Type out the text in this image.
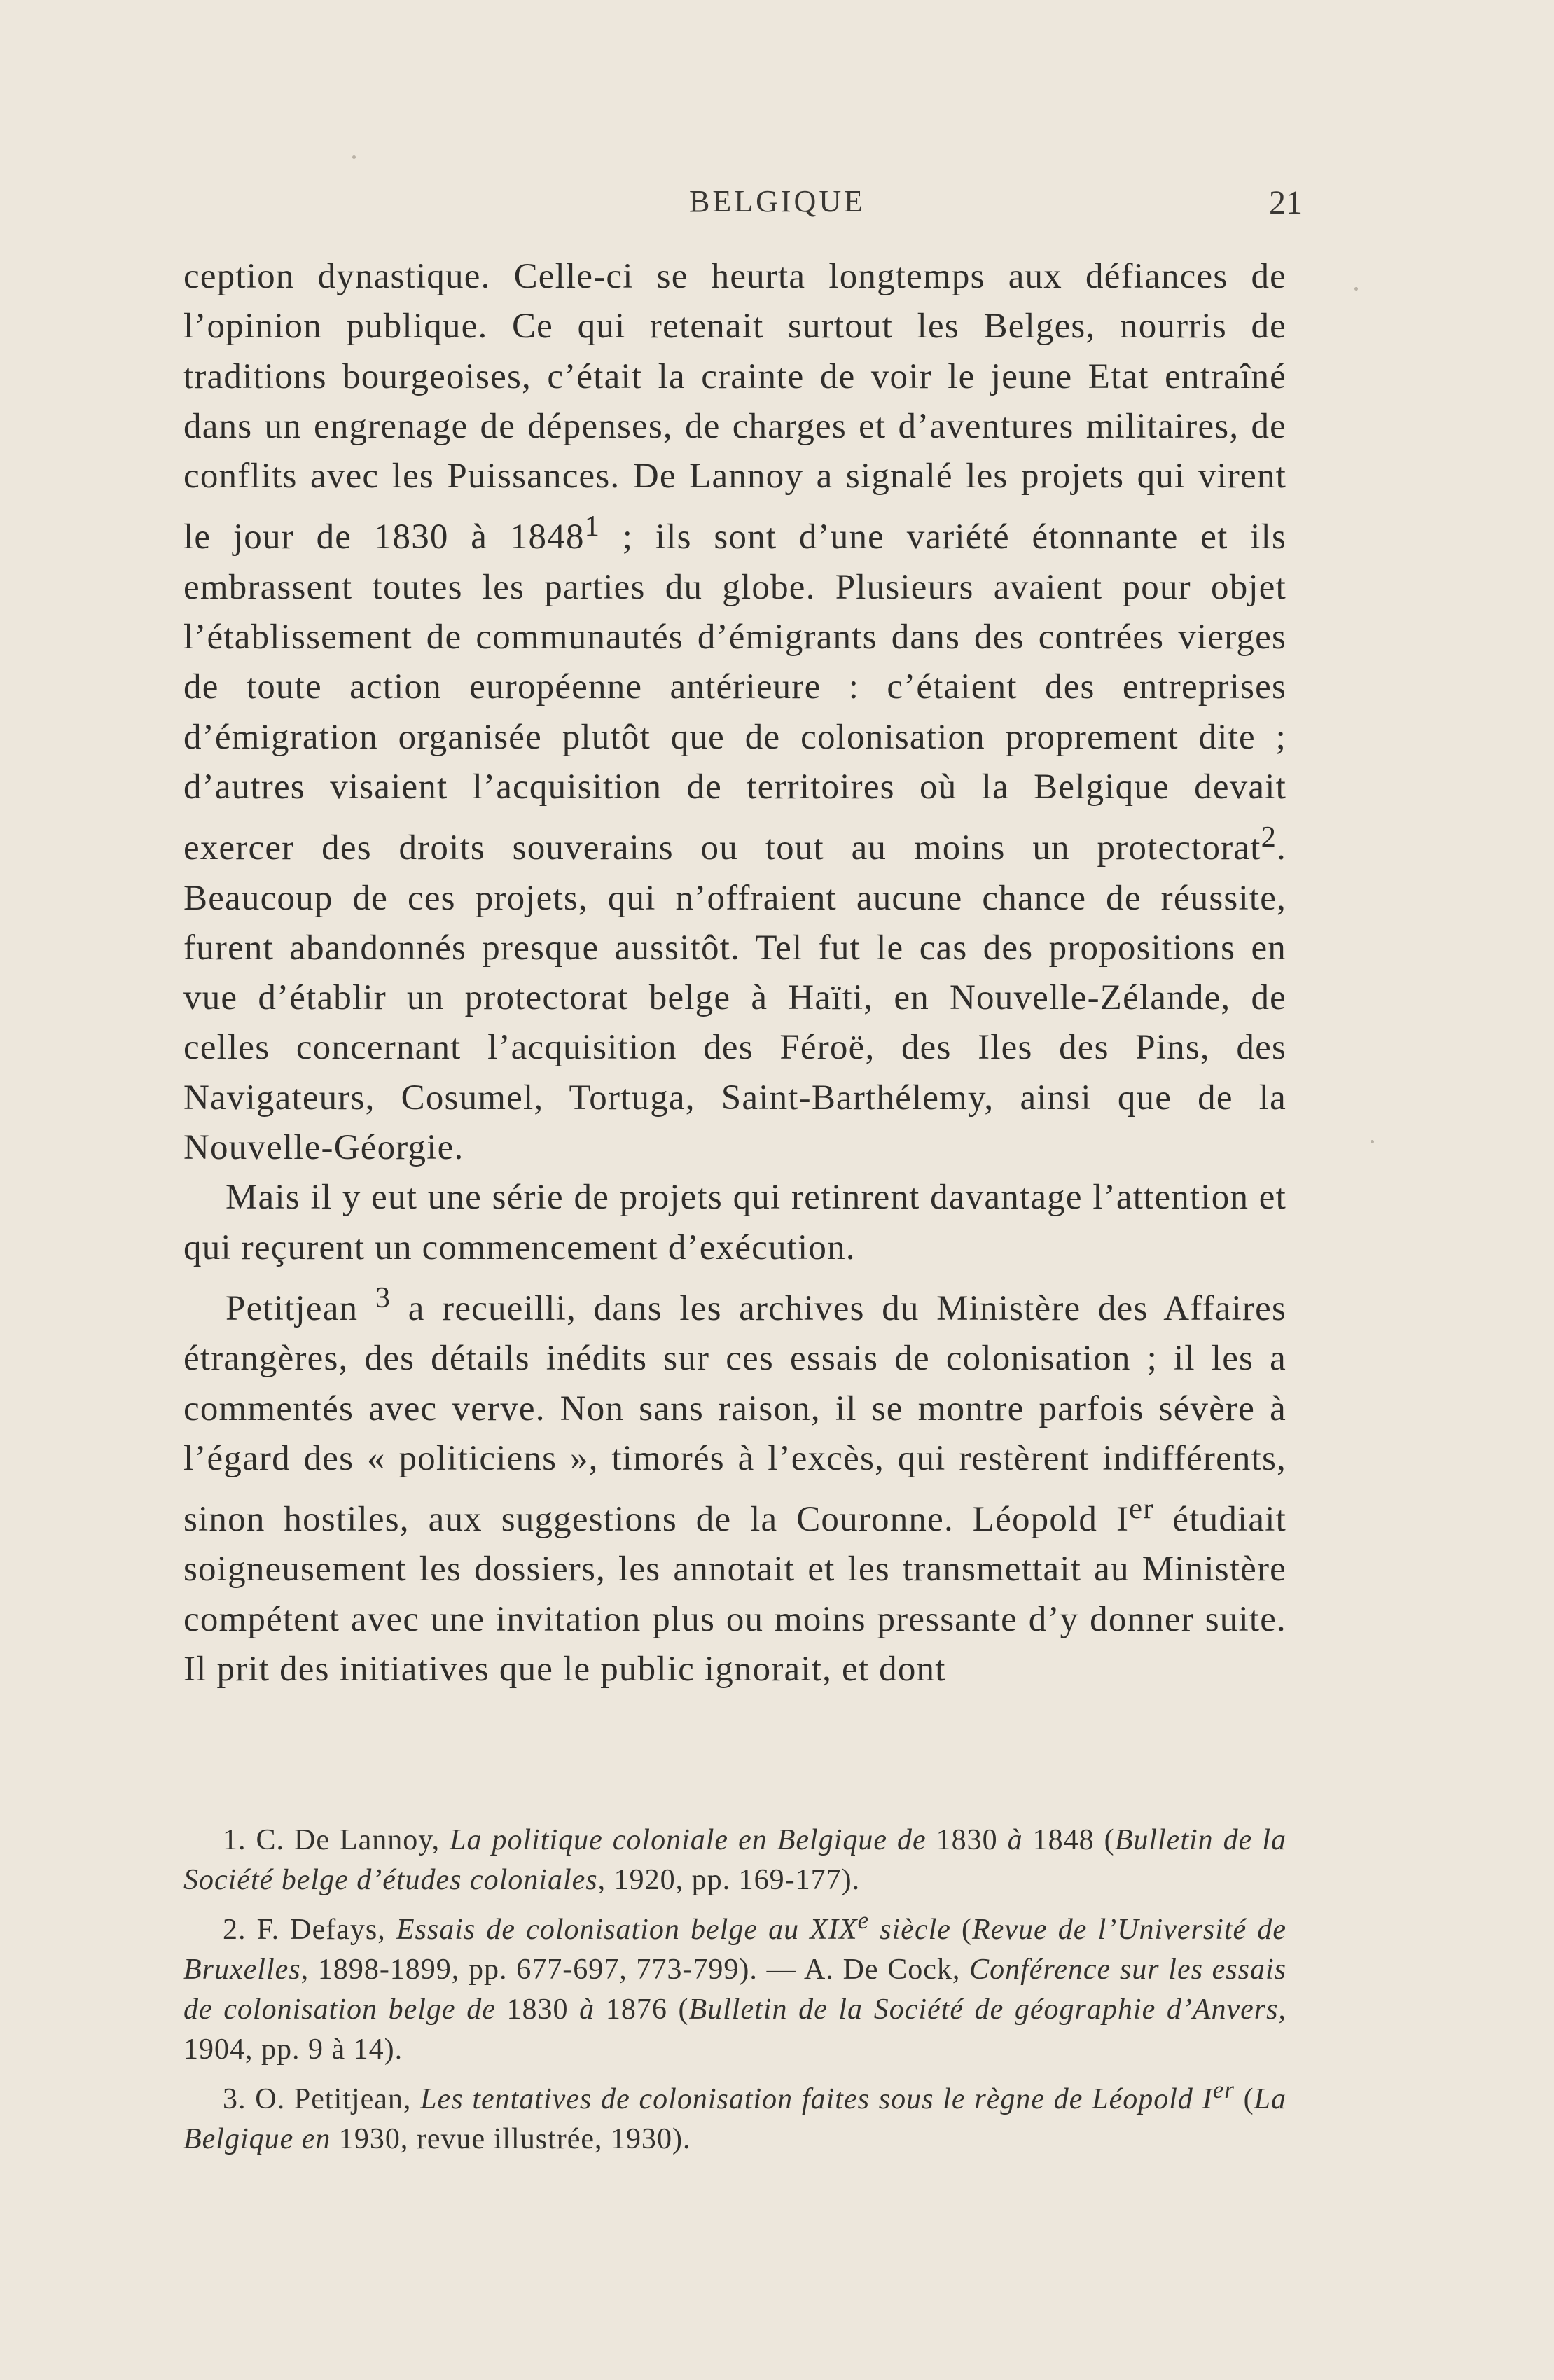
BELGIQUE	21

ception dynastique. Celle-ci se heurta longtemps aux défiances de l’opinion publique. Ce qui retenait surtout les Belges, nourris de traditions bourgeoises, c’était la crainte de voir le jeune Etat entraîné dans un engrenage de dépenses, de charges et d’aventures militaires, de conflits avec les Puissances. De Lannoy a signalé les projets qui virent le jour de 1830 à 1848$^1$ ; ils sont d’une variété étonnante et ils embrassent toutes les parties du globe. Plusieurs avaient pour objet l’établissement de communautés d’émigrants dans des contrées vierges de toute action européenne antérieure : c’étaient des entreprises d’émigration organisée plutôt que de colonisation proprement dite ; d’autres visaient l’acquisition de territoires où la Belgique devait exercer des droits souverains ou tout au moins un protectorat$^2$. Beaucoup de ces projets, qui n’offraient aucune chance de réussite, furent abandonnés presque aussitôt. Tel fut le cas des propositions en vue d’établir un protectorat belge à Haïti, en Nouvelle-Zélande, de celles concernant l’acquisition des Féroë, des Iles des Pins, des Navigateurs, Cosumel, Tortuga, Saint-Barthélemy, ainsi que de la Nouvelle-Géorgie.

Mais il y eut une série de projets qui retinrent davantage l’attention et qui reçurent un commencement d’exécution.

Petitjean $^3$ a recueilli, dans les archives du Ministère des Affaires étrangères, des détails inédits sur ces essais de colonisation ; il les a commentés avec verve. Non sans raison, il se montre parfois sévère à l’égard des « politiciens », timorés à l’excès, qui restèrent indifférents, sinon hostiles, aux suggestions de la Couronne. Léopold Ier étudiait soigneusement les dossiers, les annotait et les transmettait au Ministère compétent avec une invitation plus ou moins pressante d’y donner suite. Il prit des initiatives que le public ignorait, et dont

1. C. De Lannoy, La politique coloniale en Belgique de 1830 à 1848 (Bulletin de la Société belge d’études coloniales, 1920, pp. 169-177).

2. F. Defays, Essais de colonisation belge au XIXe siècle (Revue de l’Université de Bruxelles, 1898-1899, pp. 677-697, 773-799). — A. De Cock, Conférence sur les essais de colonisation belge de 1830 à 1876 (Bulletin de la Société de géographie d’Anvers, 1904, pp. 9 à 14).

3. O. Petitjean, Les tentatives de colonisation faites sous le règne de Léopold Ier (La Belgique en 1930, revue illustrée, 1930).
